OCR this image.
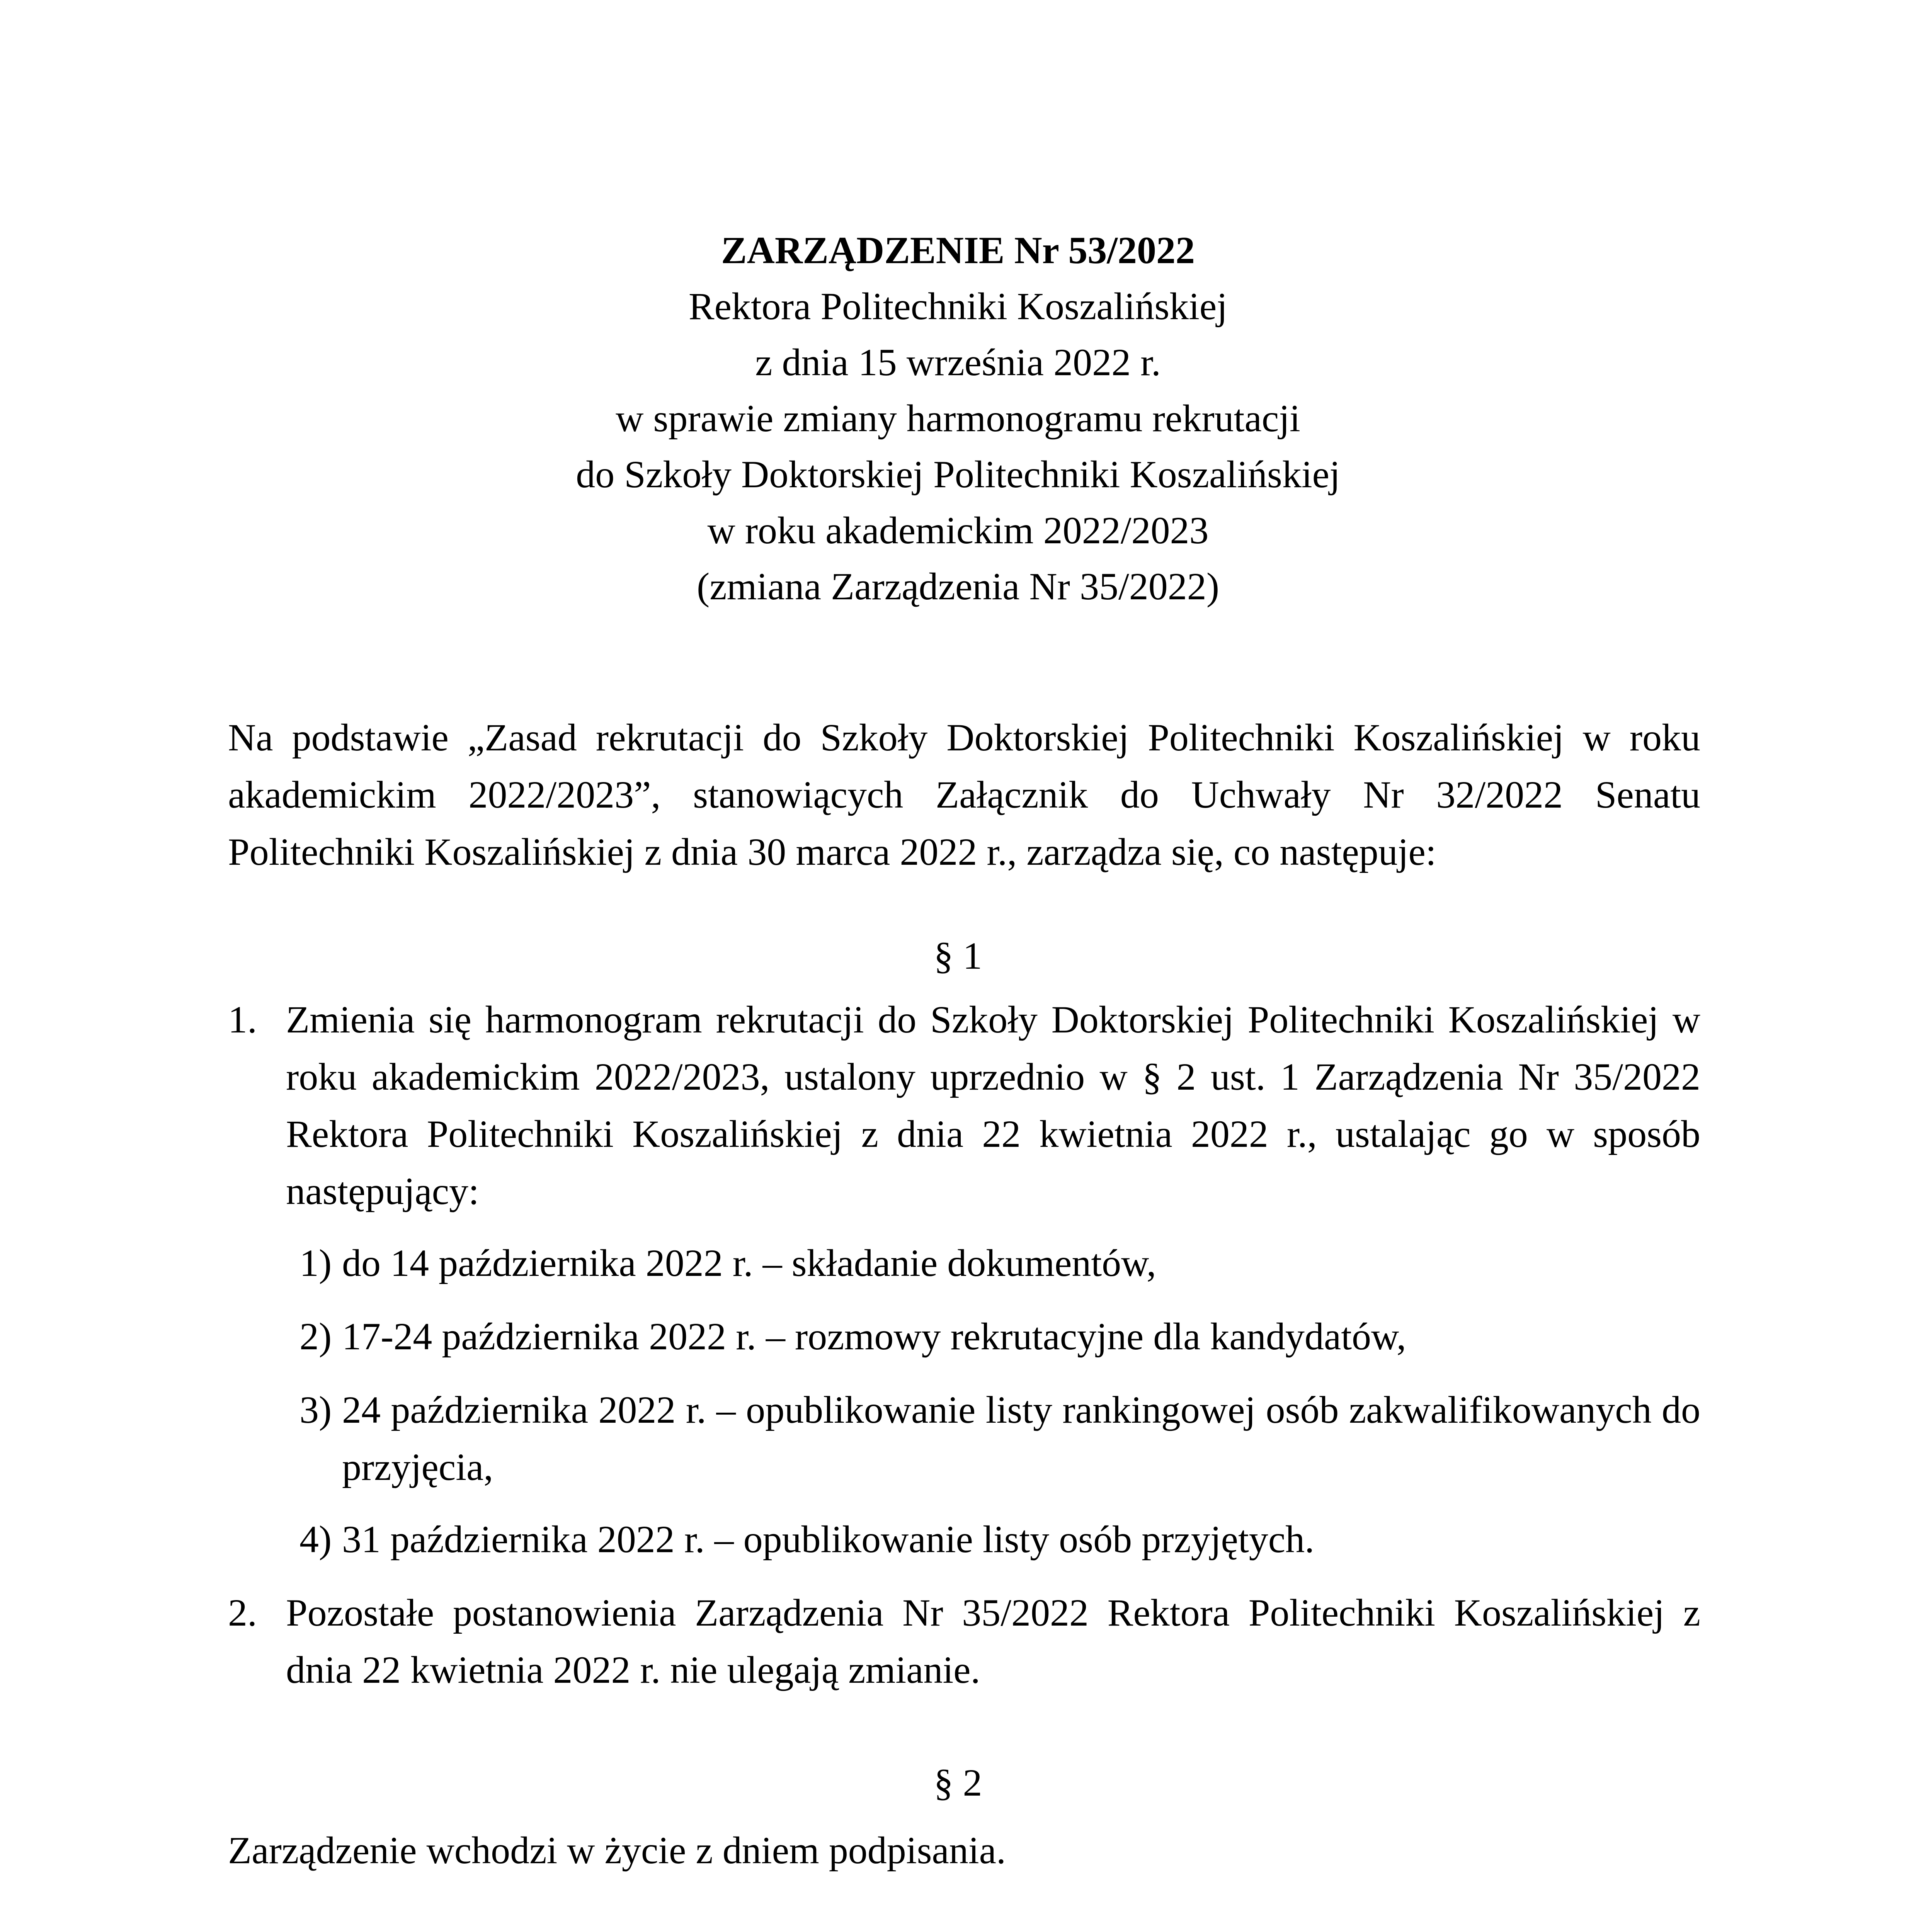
ZARZĄDZENIE Nr 53/2022
Rektora Politechniki Koszalińskiej
z dnia 15 września 2022 r.
w sprawie zmiany harmonogramu rekrutacji
do Szkoły Doktorskiej Politechniki Koszalińskiej
w roku akademickim 2022/2023
(zmiana Zarządzenia Nr 35/2022)
Na podstawie „Zasad rekrutacji do Szkoły Doktorskiej Politechniki Koszalińskiej w roku akademickim 2022/2023”, stanowiących Załącznik do Uchwały Nr 32/2022 Senatu Politechniki Koszalińskiej z dnia 30 marca 2022 r., zarządza się, co następuje:
§ 1
1. Zmienia się harmonogram rekrutacji do Szkoły Doktorskiej Politechniki Koszalińskiej w roku akademickim 2022/2023, ustalony uprzednio w § 2 ust. 1 Zarządzenia Nr 35/2022 Rektora Politechniki Koszalińskiej z dnia 22 kwietnia 2022 r., ustalając go w sposób następujący:
1) do 14 października 2022 r. – składanie dokumentów,
2) 17-24 października 2022 r. – rozmowy rekrutacyjne dla kandydatów,
3) 24 października 2022 r. – opublikowanie listy rankingowej osób zakwalifikowanych do przyjęcia,
4) 31 października 2022 r. – opublikowanie listy osób przyjętych.
2. Pozostałe postanowienia Zarządzenia Nr 35/2022 Rektora Politechniki Koszalińskiej z dnia 22 kwietnia 2022 r. nie ulegają zmianie.
§ 2
Zarządzenie wchodzi w życie z dniem podpisania.
